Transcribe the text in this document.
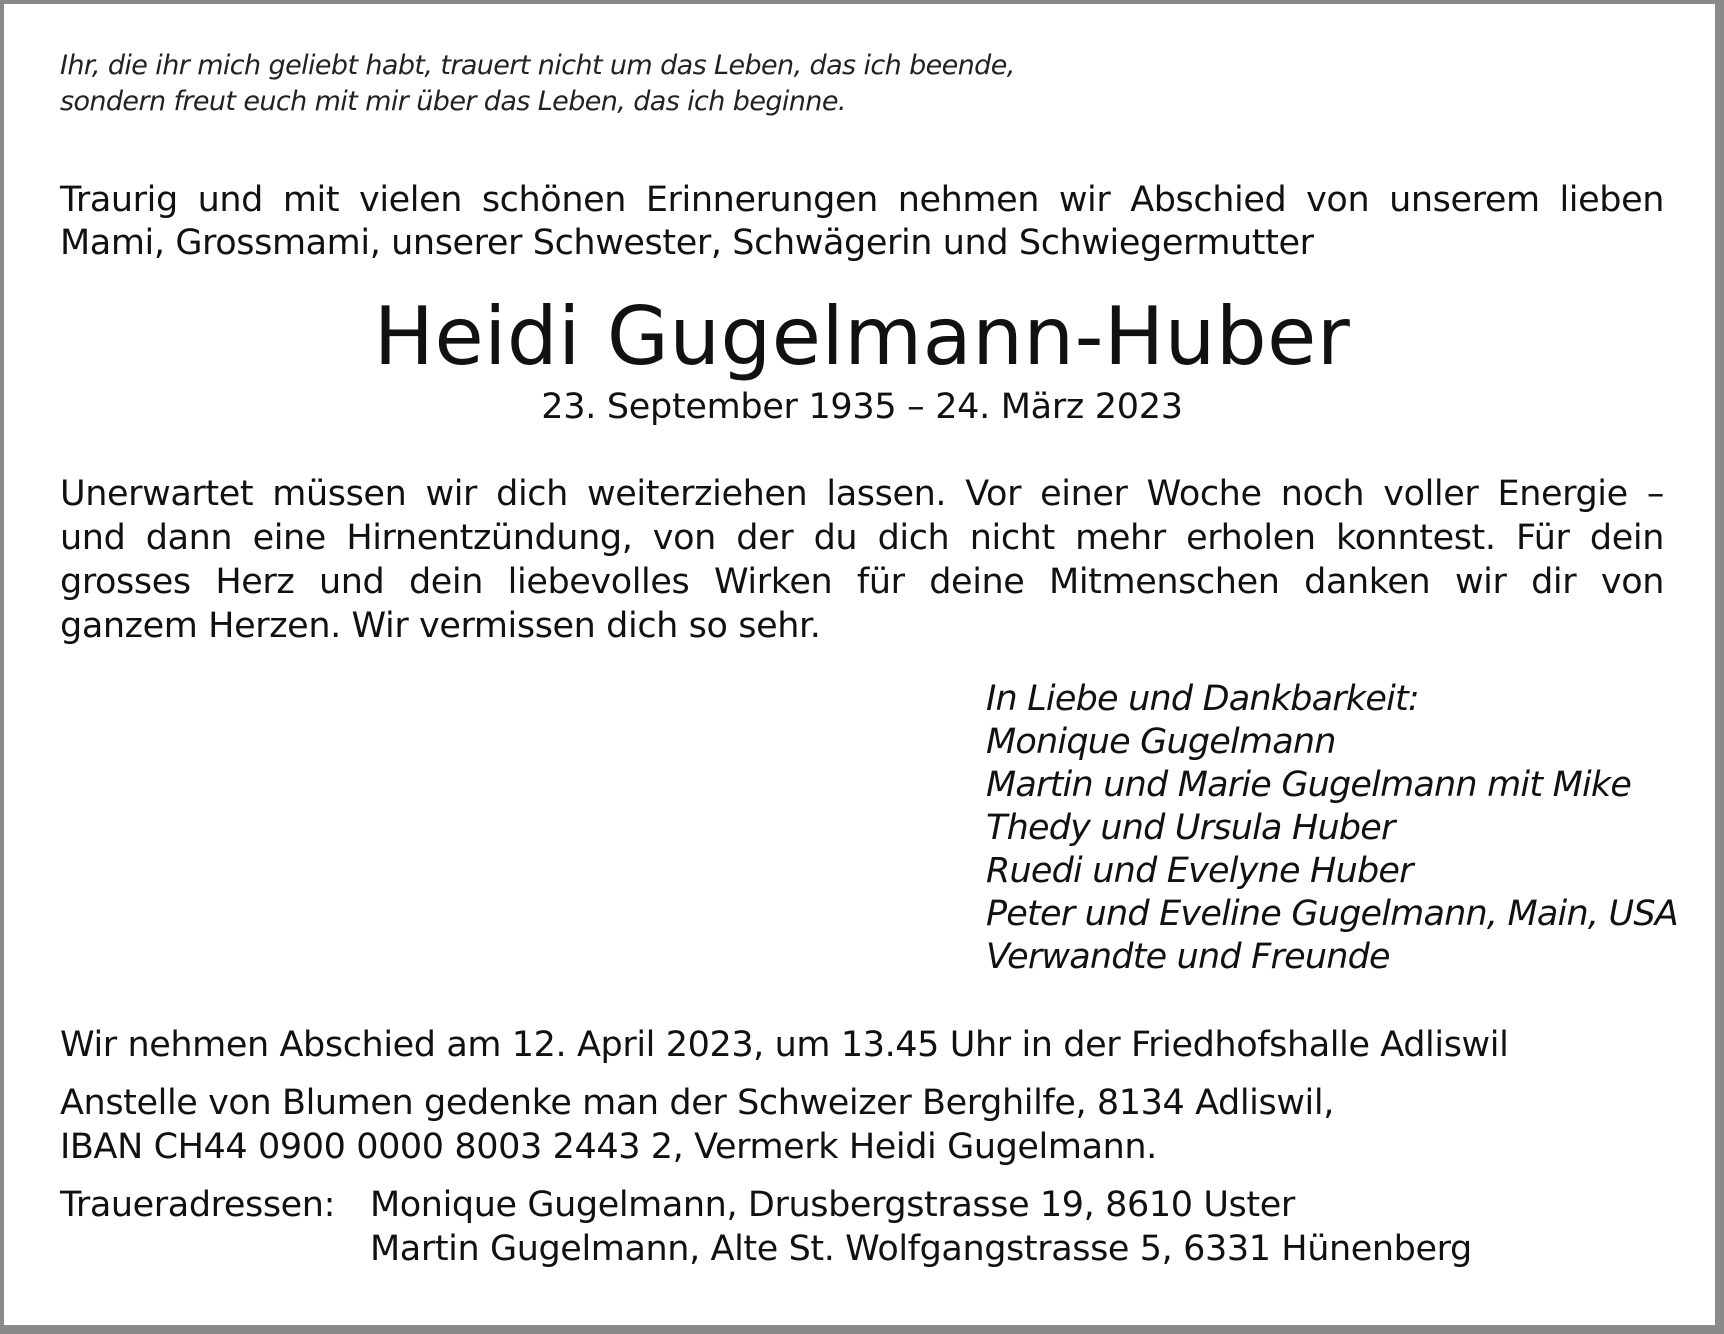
Ihr, die ihr mich geliebt habt, trauert nicht um das Leben, das ich beende,
sondern freut euch mit mir über das Leben, das ich beginne.
Traurig und mit vielen schönen Erinnerungen nehmen wir Abschied von unserem lieben
Mami, Grossmami, unserer Schwester, Schwägerin und Schwiegermutter
Heidi Gugelmann-Huber
23. September 1935 – 24. März 2023
Unerwartet müssen wir dich weiterziehen lassen. Vor einer Woche noch voller Energie –
und dann eine Hirnentzündung, von der du dich nicht mehr erholen konntest. Für dein
grosses Herz und dein liebevolles Wirken für deine Mitmenschen danken wir dir von
ganzem Herzen. Wir vermissen dich so sehr.
In Liebe und Dankbarkeit:
Monique Gugelmann
Martin und Marie Gugelmann mit Mike
Thedy und Ursula Huber
Ruedi und Evelyne Huber
Peter und Eveline Gugelmann, Main, USA
Verwandte und Freunde
Wir nehmen Abschied am 12. April 2023, um 13.45 Uhr in der Friedhofshalle Adliswil
Anstelle von Blumen gedenke man der Schweizer Berghilfe, 8134 Adliswil,
IBAN CH44 0900 0000 8003 2443 2, Vermerk Heidi Gugelmann.
Traueradressen:	Monique Gugelmann, Drusbergstrasse 19, 8610 Uster
Martin Gugelmann, Alte St. Wolfgangstrasse 5, 6331 Hünenberg
